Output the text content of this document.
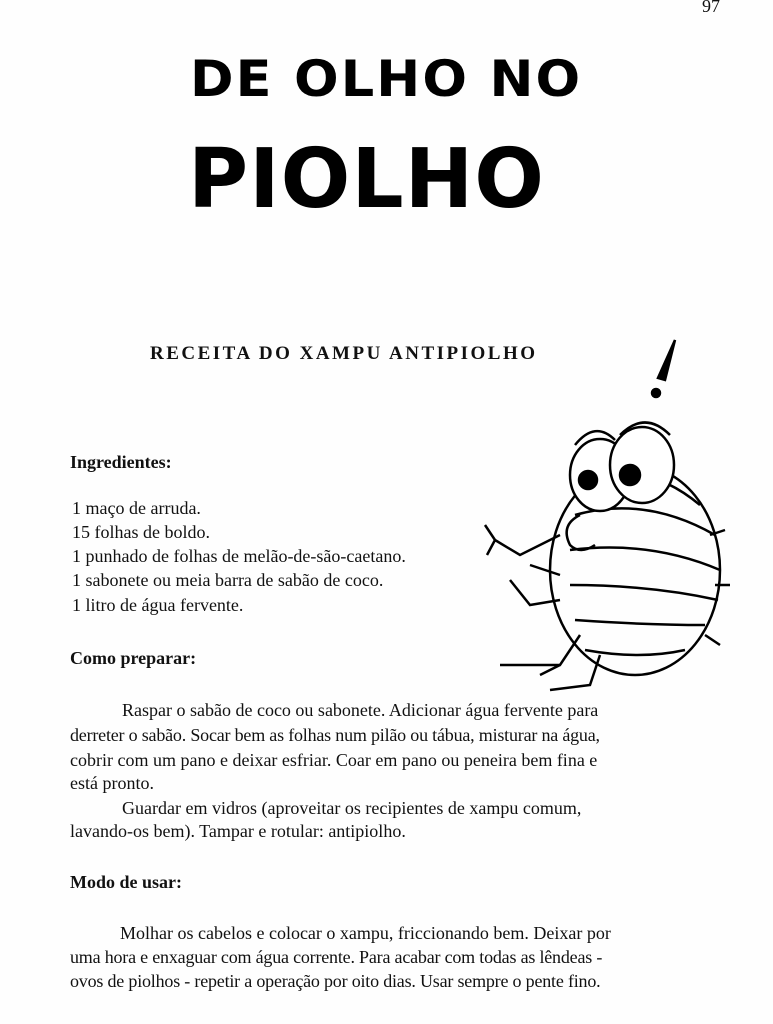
97
DE OLHO NO
PIOLHO
RECEITA DO XAMPU ANTIPIOLHO
Ingredientes:
1 maço de arruda.
15 folhas de boldo.
1 punhado de folhas de melão-de-são-caetano.
1 sabonete ou meia barra de sabão de coco.
1 litro de água fervente.
Como preparar:
Raspar o sabão de coco ou sabonete. Adicionar água fervente para
derreter o sabão. Socar bem as folhas num pilão ou tábua, misturar na água,
cobrir com um pano e deixar esfriar. Coar em pano ou peneira bem fina e
está pronto.
Guardar em vidros (aproveitar os recipientes de xampu comum,
lavando-os bem). Tampar e rotular: antipiolho.
Modo de usar:
Molhar os cabelos e colocar o xampu, friccionando bem. Deixar por
uma hora e enxaguar com água corrente. Para acabar com todas as lêndeas -
ovos de piolhos - repetir a operação por oito dias. Usar sempre o pente fino.
